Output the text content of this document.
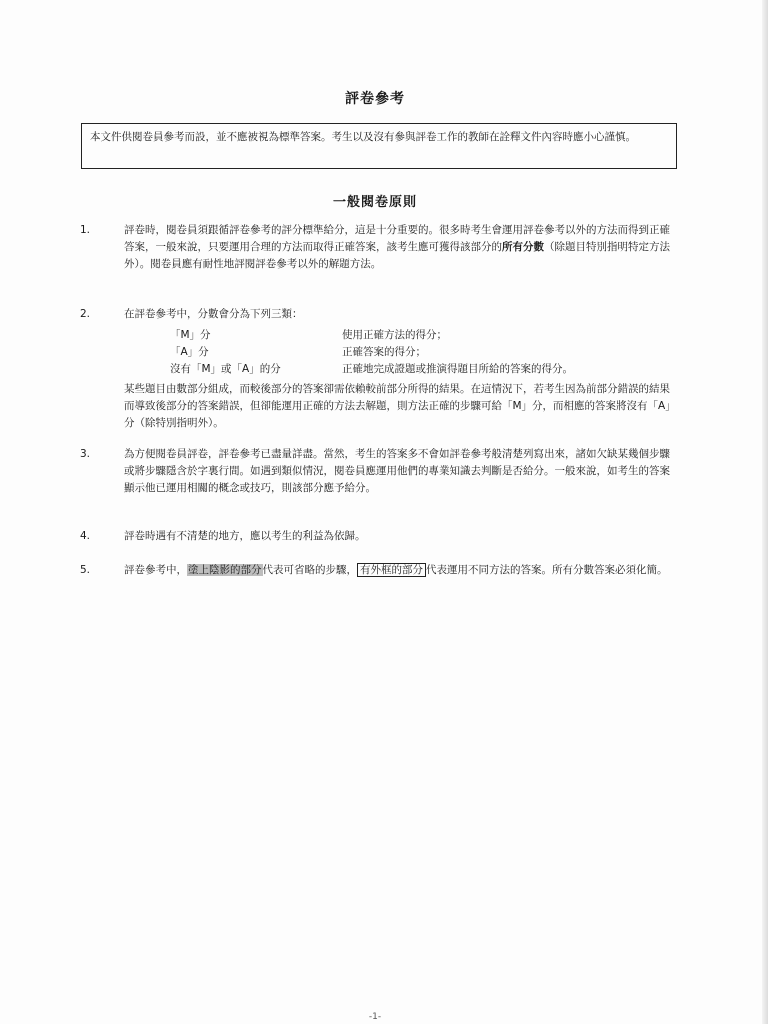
評卷參考
本文件供閱卷員參考而設，並不應被視為標準答案。考生以及沒有參與評卷工作的教師在詮釋文件內容時應小心謹慎。
一般閱卷原則
1.	評卷時，閱卷員須跟循評卷參考的評分標準給分，這是十分重要的。很多時考生會運用評卷參考以外的方法而得到正確答案，一般來說，只要運用合理的方法而取得正確答案，該考生應可獲得該部分的所有分數（除題目特別指明特定方法外）。閱卷員應有耐性地評閱評卷參考以外的解題方法。
2.	在評卷參考中，分數會分為下列三類：
「M」分	使用正確方法的得分；
「A」分	正確答案的得分；
沒有「M」或「A」的分	正確地完成證題或推演得題目所給的答案的得分。
某些題目由數部分組成，而較後部分的答案卻需依賴較前部分所得的結果。在這情況下，若考生因為前部分錯誤的結果而導致後部分的答案錯誤，但卻能運用正確的方法去解題，則方法正確的步驟可給「M」分，而相應的答案將沒有「A」分（除特別指明外）。
3.	為方便閱卷員評卷，評卷參考已盡量詳盡。當然，考生的答案多不會如評卷參考般清楚列寫出來，諸如欠缺某幾個步驟或將步驟隱含於字裏行間。如遇到類似情況，閱卷員應運用他們的專業知識去判斷是否給分。一般來說，如考生的答案顯示他已運用相關的概念或技巧，則該部分應予給分。
4.	評卷時遇有不清楚的地方，應以考生的利益為依歸。
5.	評卷參考中，塗上陰影的部分代表可省略的步驟， 有外框的部分 代表運用不同方法的答案。所有分數答案必須化簡。
-1-
